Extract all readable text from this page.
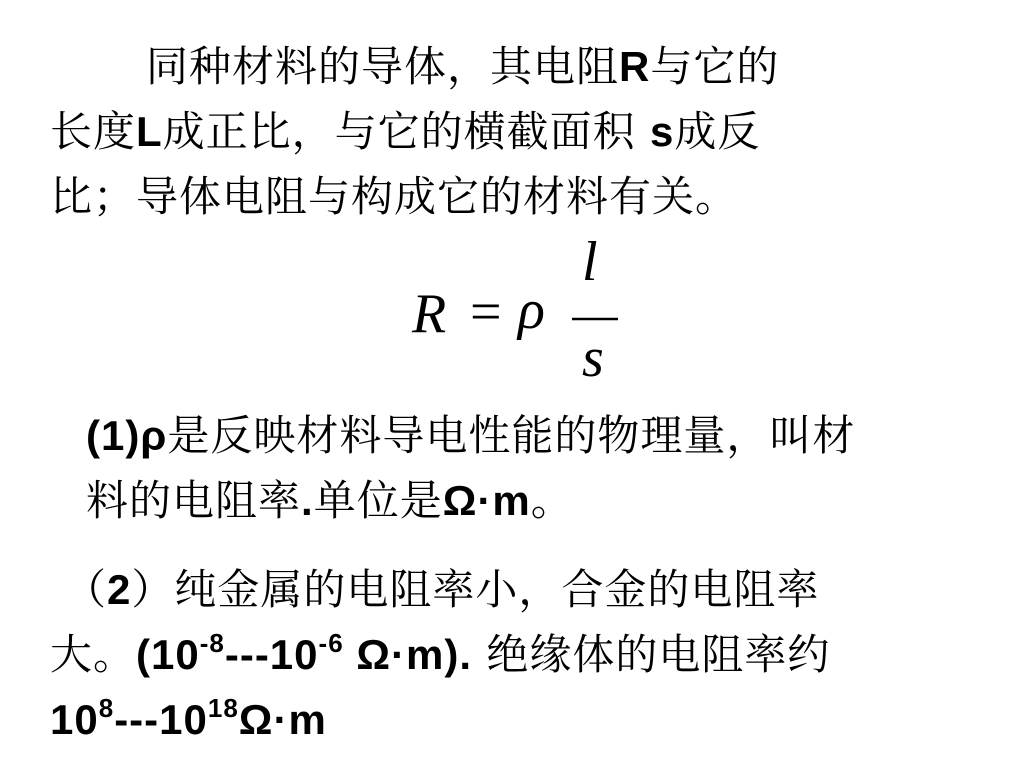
同种材料的导体，其电阻R与它的
长度L成正比，与它的横截面积 s成反
比；导体电阻与构成它的材料有关。
R = ρ
l
s
(1)ρ是反映材料导电性能的物理量，叫材
料的电阻率.单位是Ω·m。
（2）纯金属的电阻率小，合金的电阻率
大。($10^{-8}---10^{-6}$ Ω·m). 绝缘体的电阻率约
$10^8---10^{18}\Omega\cdot m$
